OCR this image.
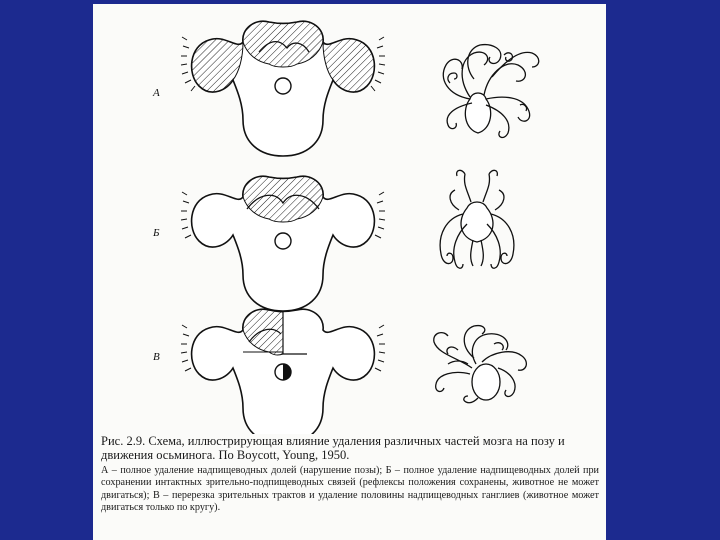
А
Б
В

Рис. 2.9. Схема, иллюстрирующая влияние удаления различных частей мозга на позу и движения осьминога. По Boycott, Young, 1950.

А – полное удаление надпищеводных долей (нарушение позы); Б – полное удаление надпищеводных долей при сохранении интактных зрительно-подпищеводных связей (рефлексы положения сохранены, животное не может двигаться); В – перерезка зрительных трактов и удаление половины надпищеводных ганглиев (животное может двигаться только по кругу).
